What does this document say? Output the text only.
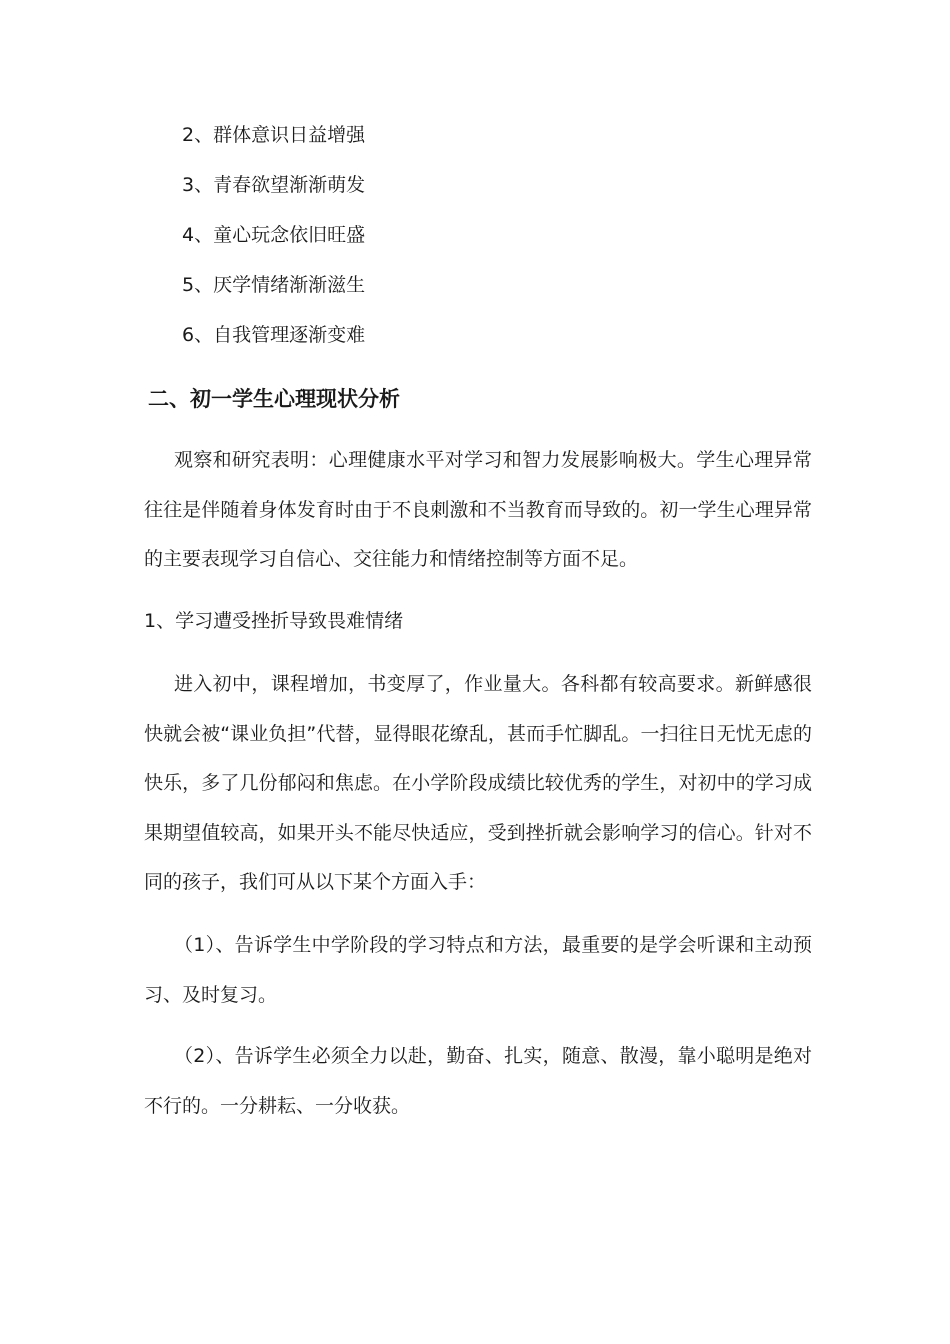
2、群体意识日益增强
3、青春欲望渐渐萌发
4、童心玩念依旧旺盛
5、厌学情绪渐渐滋生
6、自我管理逐渐变难
二、初一学生心理现状分析

观察和研究表明：心理健康水平对学习和智力发展影响极大。学生心理异常往往是伴随着身体发育时由于不良刺激和不当教育而导致的。初一学生心理异常的主要表现学习自信心、交往能力和情绪控制等方面不足。

1、学习遭受挫折导致畏难情绪

进入初中，课程增加，书变厚了，作业量大。各科都有较高要求。新鲜感很快就会被“课业负担”代替，显得眼花缭乱，甚而手忙脚乱。一扫往日无忧无虑的快乐，多了几份郁闷和焦虑。在小学阶段成绩比较优秀的学生，对初中的学习成果期望值较高，如果开头不能尽快适应，受到挫折就会影响学习的信心。针对不同的孩子，我们可从以下某个方面入手：

（1）、告诉学生中学阶段的学习特点和方法，最重要的是学会听课和主动预习、及时复习。

（2）、告诉学生必须全力以赴，勤奋、扎实，随意、散漫，靠小聪明是绝对不行的。一分耕耘、一分收获。
